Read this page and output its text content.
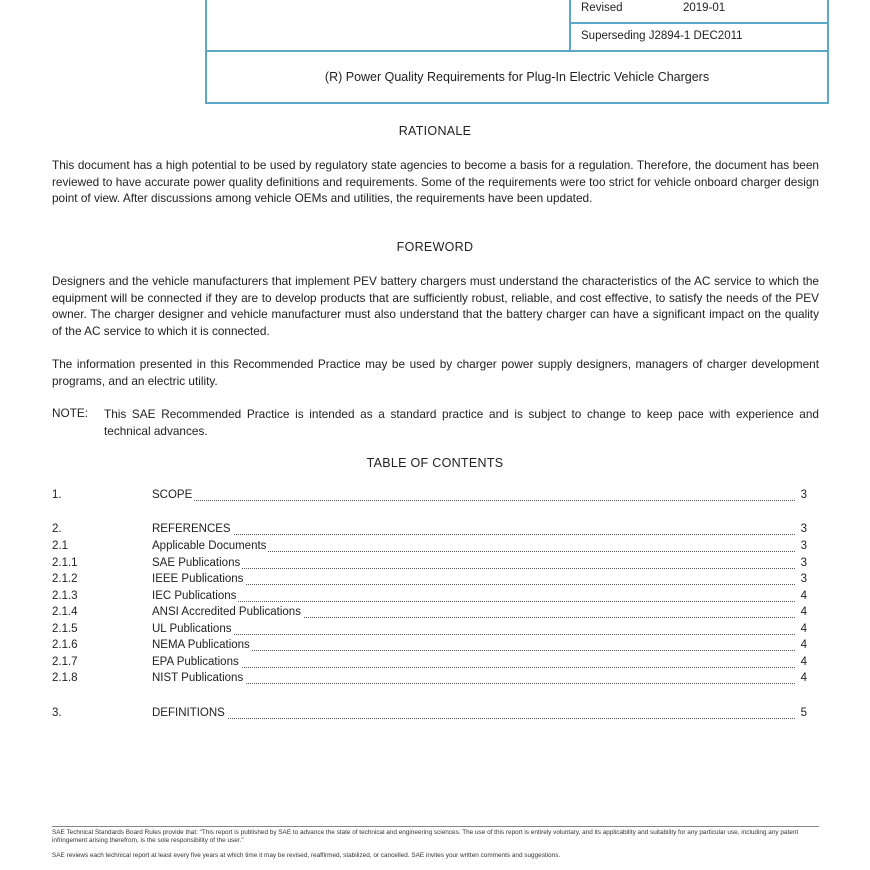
Revised	2019-01
Superseding J2894-1 DEC2011
(R) Power Quality Requirements for Plug-In Electric Vehicle Chargers
RATIONALE
This document has a high potential to be used by regulatory state agencies to become a basis for a regulation. Therefore, the document has been reviewed to have accurate power quality definitions and requirements. Some of the requirements were too strict for vehicle onboard charger design point of view. After discussions among vehicle OEMs and utilities, the requirements have been updated.
FOREWORD
Designers and the vehicle manufacturers that implement PEV battery chargers must understand the characteristics of the AC service to which the equipment will be connected if they are to develop products that are sufficiently robust, reliable, and cost effective, to satisfy the needs of the PEV owner. The charger designer and vehicle manufacturer must also understand that the battery charger can have a significant impact on the quality of the AC service to which it is connected.
The information presented in this Recommended Practice may be used by charger power supply designers, managers of charger development programs, and an electric utility.
NOTE: This SAE Recommended Practice is intended as a standard practice and is subject to change to keep pace with experience and technical advances.
TABLE OF CONTENTS
1.	SCOPE	3
2.	REFERENCES	3
2.1	Applicable Documents	3
2.1.1	SAE Publications	3
2.1.2	IEEE Publications	3
2.1.3	IEC Publications	4
2.1.4	ANSI Accredited Publications	4
2.1.5	UL Publications	4
2.1.6	NEMA Publications	4
2.1.7	EPA Publications	4
2.1.8	NIST Publications	4
3.	DEFINITIONS	5
SAE Technical Standards Board Rules provide that: "This report is published by SAE to advance the state of technical and engineering sciences. The use of this report is entirely voluntary, and its applicability and suitability for any particular use, including any patent infringement arising therefrom, is the sole responsibility of the user."
SAE reviews each technical report at least every five years at which time it may be revised, reaffirmed, stabilized, or cancelled. SAE invites your written comments and suggestions.
